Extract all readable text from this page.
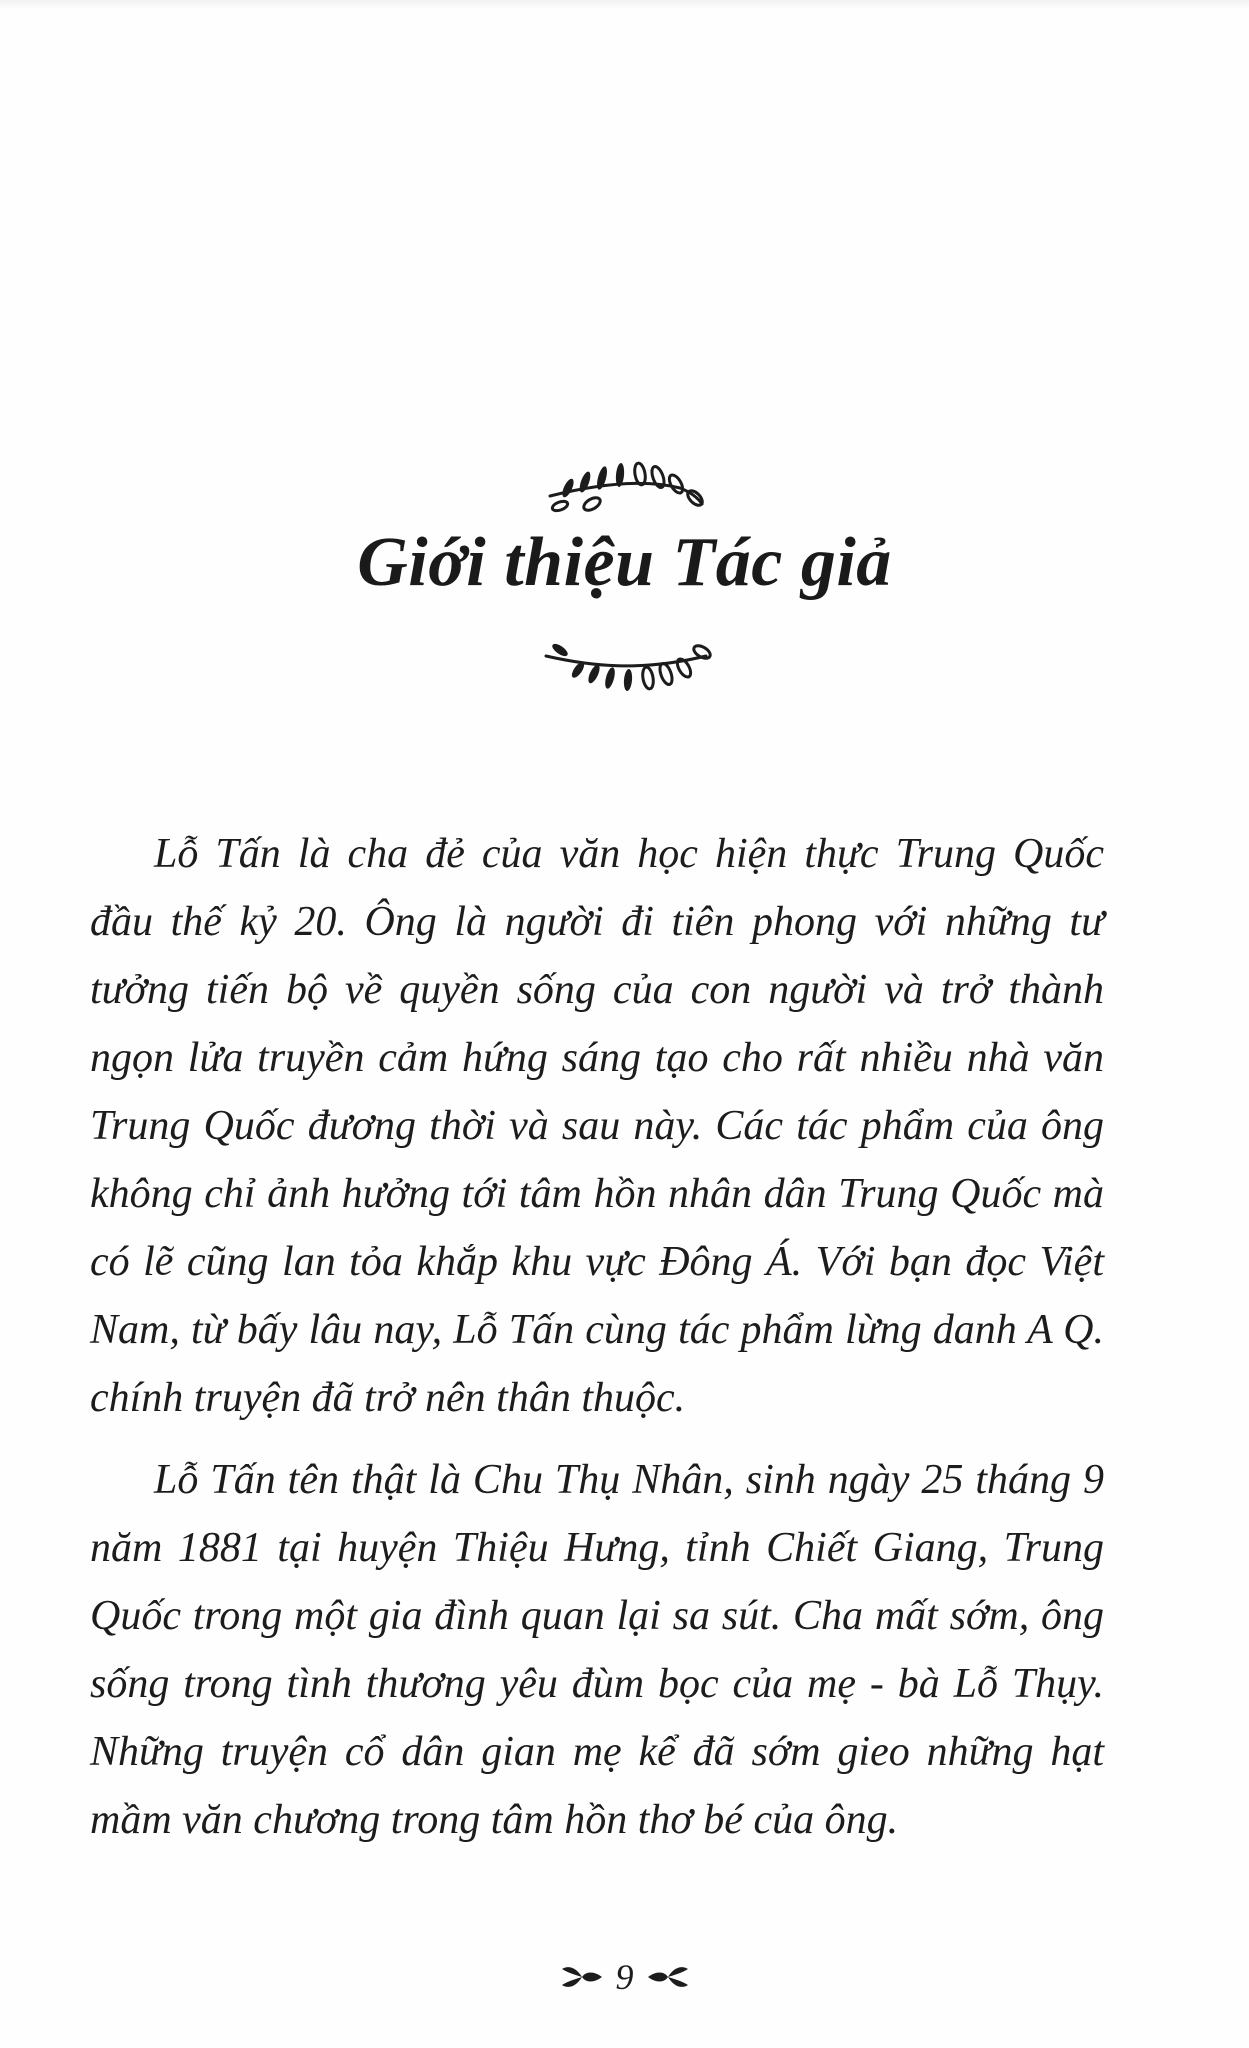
Giới thiệu Tác giả

Lỗ Tấn là cha đẻ của văn học hiện thực Trung Quốc đầu thế kỷ 20. Ông là người đi tiên phong với những tư tưởng tiến bộ về quyền sống của con người và trở thành ngọn lửa truyền cảm hứng sáng tạo cho rất nhiều nhà văn Trung Quốc đương thời và sau này. Các tác phẩm của ông không chỉ ảnh hưởng tới tâm hồn nhân dân Trung Quốc mà có lẽ cũng lan tỏa khắp khu vực Đông Á. Với bạn đọc Việt Nam, từ bấy lâu nay, Lỗ Tấn cùng tác phẩm lừng danh A Q. chính truyện đã trở nên thân thuộc.

Lỗ Tấn tên thật là Chu Thụ Nhân, sinh ngày 25 tháng 9 năm 1881 tại huyện Thiệu Hưng, tỉnh Chiết Giang, Trung Quốc trong một gia đình quan lại sa sút. Cha mất sớm, ông sống trong tình thương yêu đùm bọc của mẹ - bà Lỗ Thụy. Những truyện cổ dân gian mẹ kể đã sớm gieo những hạt mầm văn chương trong tâm hồn thơ bé của ông.

9
